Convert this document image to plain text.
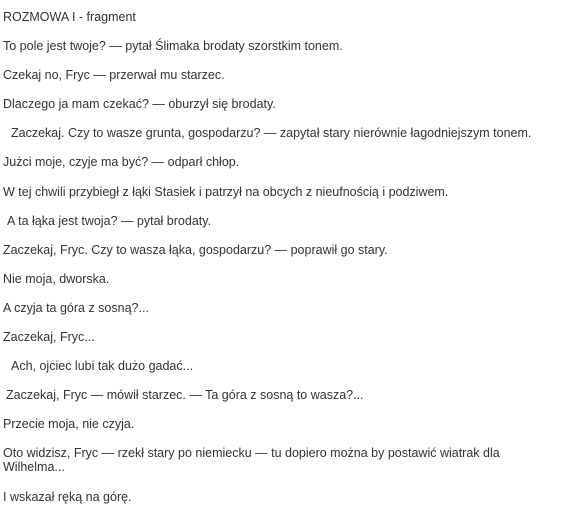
ROZMOWA I - fragment

To pole jest twoje? — pytał Ślimaka brodaty szorstkim tonem.

Czekaj no, Fryc — przerwał mu starzec.

Dlaczego ja mam czekać? — oburzył się brodaty.

Zaczekaj. Czy to wasze grunta, gospodarzu? — zapytał stary nierównie łagodniejszym tonem.

Jużci moje, czyje ma być? — odparł chłop.

W tej chwili przybiegł z łąki Stasiek i patrzył na obcych z nieufnością i podziwem.

A ta łąka jest twoja? — pytał brodaty.

Zaczekaj, Fryc. Czy to wasza łąka, gospodarzu? — poprawił go stary.

Nie moja, dworska.

A czyja ta góra z sosną?...

Zaczekaj, Fryc...

Ach, ojciec lubi tak dużo gadać...

Zaczekaj, Fryc — mówił starzec. — Ta góra z sosną to wasza?...

Przecie moja, nie czyja.

Oto widzisz, Fryc — rzekł stary po niemiecku — tu dopiero można by postawić wiatrak dla Wilhelma...

I wskazał ręką na górę.
